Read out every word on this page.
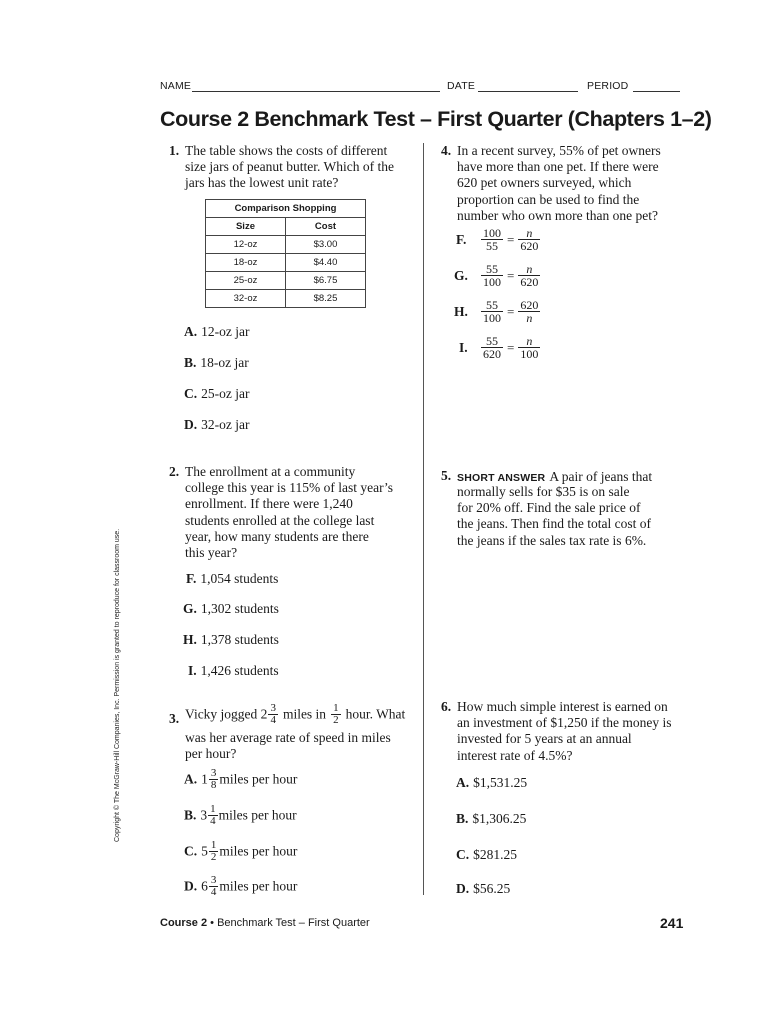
NAME	DATE	PERIOD
Course 2 Benchmark Test – First Quarter (Chapters 1–2)
Copyright © The McGraw-Hill Companies, Inc. Permission is granted to reproduce for classroom use.
1. The table shows the costs of different
size jars of peanut butter. Which of the
jars has the lowest unit rate?
Comparison Shopping	
Size	Cost
12-oz	$3.00
18-oz	$4.40
25-oz	$6.75
32-oz	$8.25
A. 12-oz jar
B. 18-oz jar
C. 25-oz jar
D. 32-oz jar
2. The enrollment at a community
college this year is 115% of last year’s
enrollment. If there were 1,240
students enrolled at the college last
year, how many students are there
this year?
F. 1,054 students
G. 1,302 students
H. 1,378 students
I. 1,426 students
3. Vicky jogged $2 \frac{3}{4}$ miles in $\frac{1}{2}$ hour. What
was her average rate of speed in miles
per hour?
A. $1 \frac{3}{8}$ miles per hour
B. $3 \frac{1}{4}$ miles per hour
C. $5 \frac{1}{2}$ miles per hour
D. $6 \frac{3}{4}$ miles per hour
4. In a recent survey, 55% of pet owners
have more than one pet. If there were
620 pet owners surveyed, which
proportion can be used to find the
number who own more than one pet?
F. $\frac{100}{55} = \frac{n}{620}$
G. $\frac{55}{100} = \frac{n}{620}$
H. $\frac{55}{100} = \frac{620}{n}$
I. $\frac{55}{620} = \frac{n}{100}$
5. SHORT ANSWER A pair of jeans that
normally sells for $35 is on sale
for 20% off. Find the sale price of
the jeans. Then find the total cost of
the jeans if the sales tax rate is 6%.
6. How much simple interest is earned on
an investment of $1,250 if the money is
invested for 5 years at an annual
interest rate of 4.5%?
A. $1,531.25
B. $1,306.25
C. $281.25
D. $56.25
Course 2 • Benchmark Test – First Quarter	241
